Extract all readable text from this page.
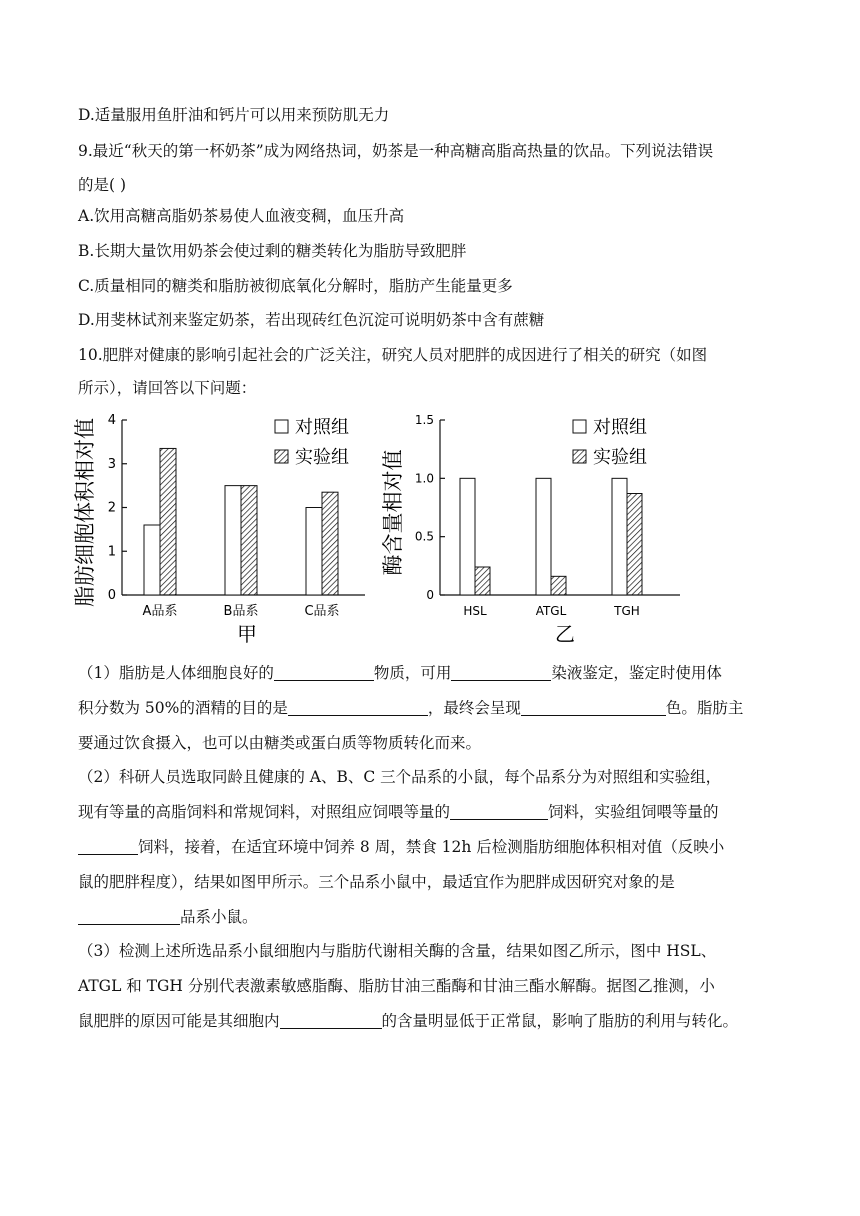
D.适量服用鱼肝油和钙片可以用来预防肌无力
9.最近“秋天的第一杯奶茶”成为网络热词，奶茶是一种高糖高脂高热量的饮品。下列说法错误
的是( )
A.饮用高糖高脂奶茶易使人血液变稠，血压升高
B.长期大量饮用奶茶会使过剩的糖类转化为脂肪导致肥胖
C.质量相同的糖类和脂肪被彻底氧化分解时，脂肪产生能量更多
D.用斐林试剂来鉴定奶茶，若出现砖红色沉淀可说明奶茶中含有蔗糖
10.肥胖对健康的影响引起社会的广泛关注，研究人员对肥胖的成因进行了相关的研究（如图
所示），请回答以下问题：
0
1
2
3
4
脂肪细胞体积相对值
A品系	B品系	C品系
对照组
实验组
甲
0
0.5
1.0
1.5
酶含量相对值
HSL	ATGL	TGH
对照组
实验组
乙
（1）脂肪是人体细胞良好的	物质，可用	染液鉴定，鉴定时使用体
积分数为 50%的酒精的目的是	，最终会呈现	色。脂肪主
要通过饮食摄入，也可以由糖类或蛋白质等物质转化而来。
（2）科研人员选取同龄且健康的 A、B、C 三个品系的小鼠，每个品系分为对照组和实验组，
现有等量的高脂饲料和常规饲料，对照组应饲喂等量的	饲料，实验组饲喂等量的
饲料，接着，在适宜环境中饲养 8 周，禁食 12h 后检测脂肪细胞体积相对值（反映小
鼠的肥胖程度），结果如图甲所示。三个品系小鼠中，最适宜作为肥胖成因研究对象的是
品系小鼠。
（3）检测上述所选品系小鼠细胞内与脂肪代谢相关酶的含量，结果如图乙所示，图中 HSL、
ATGL 和 TGH 分别代表激素敏感脂酶、脂肪甘油三酯酶和甘油三酯水解酶。据图乙推测，小
鼠肥胖的原因可能是其细胞内	的含量明显低于正常鼠，影响了脂肪的利用与转化。
